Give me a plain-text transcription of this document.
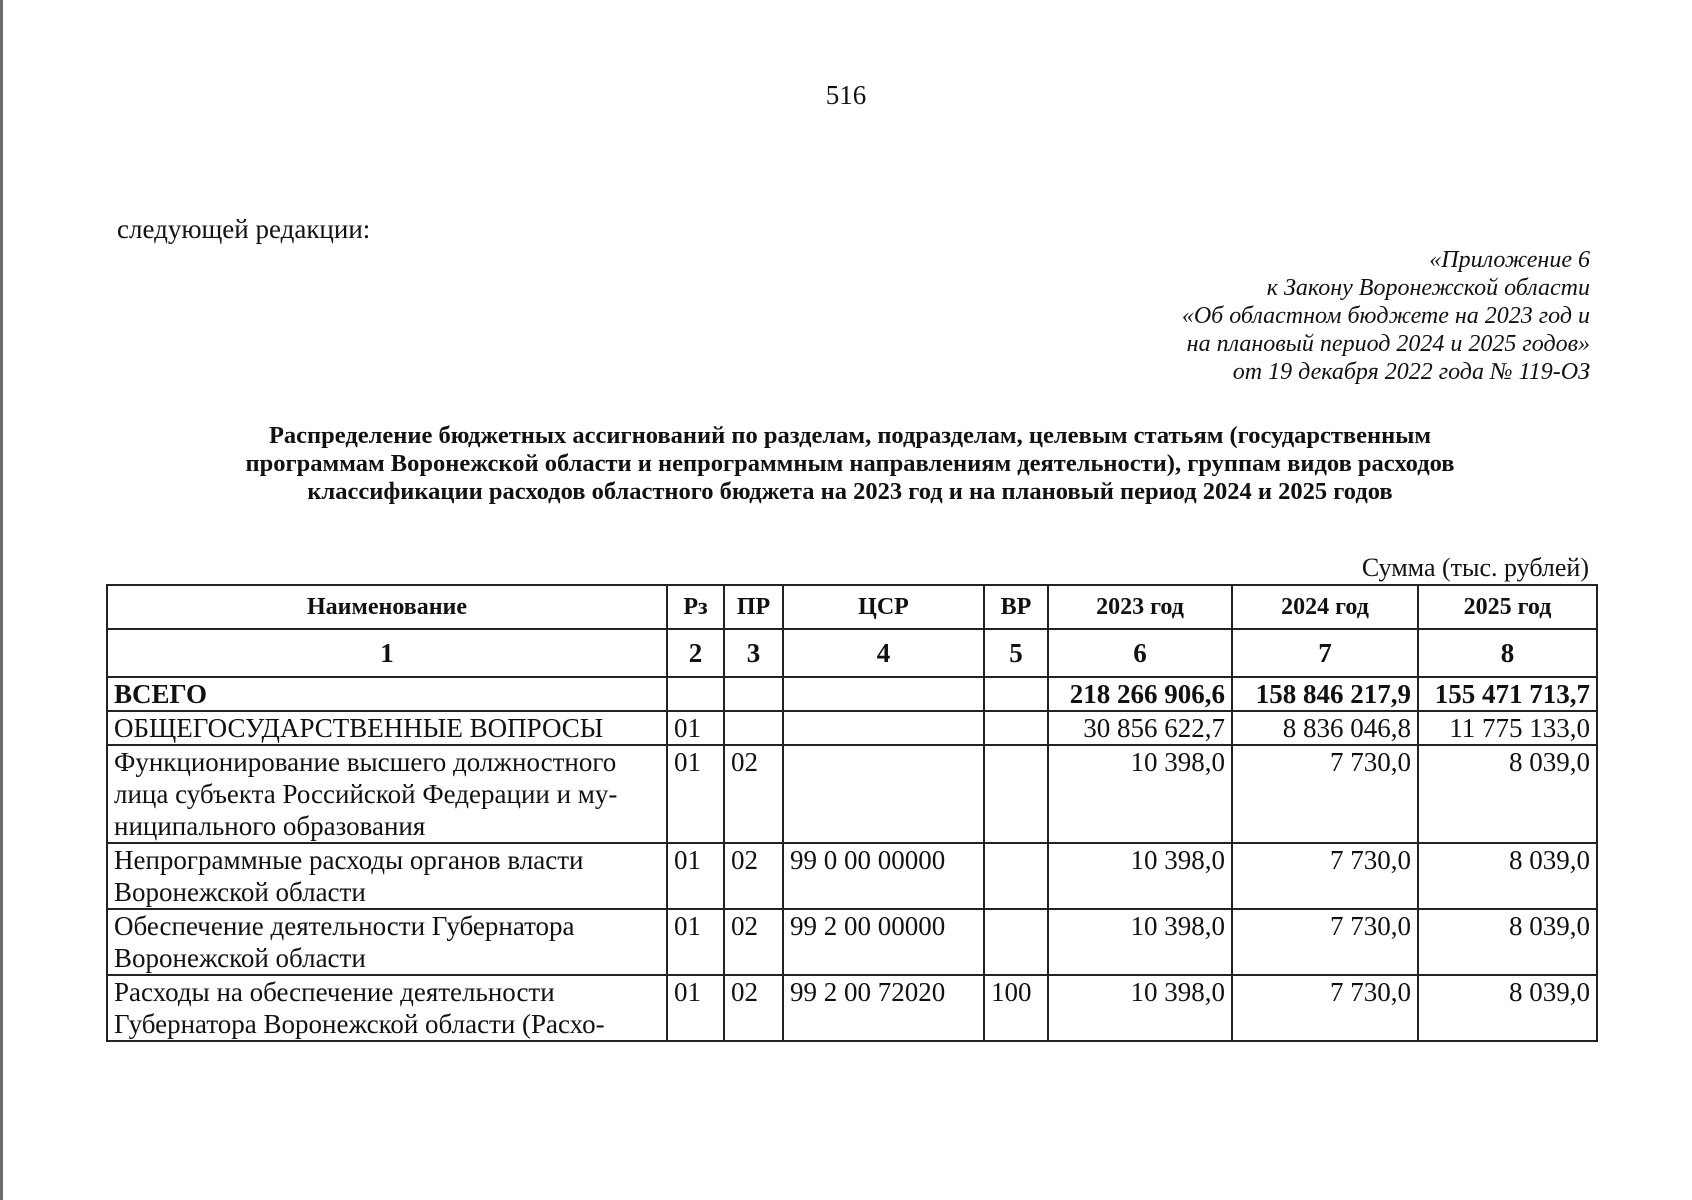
516
следующей редакции:
«Приложение 6
к Закону Воронежской области
«Об областном бюджете на 2023 год и
на плановый период 2024 и 2025 годов»
от 19 декабря 2022 года № 119-ОЗ
Распределение бюджетных ассигнований по разделам, подразделам, целевым статьям (государственным
программам Воронежской области и непрограммным направлениям деятельности), группам видов расходов
классификации расходов областного бюджета на 2023 год и на плановый период 2024 и 2025 годов
Сумма (тыс. рублей)
Наименование	Рз	ПР	ЦСР	ВР	2023 год	2024 год	2025 год
1	2	3	4	5	6	7	8
ВСЕГО					218 266 906,6	158 846 217,9	155 471 713,7
ОБЩЕГОСУДАРСТВЕННЫЕ ВОПРОСЫ	01				30 856 622,7	8 836 046,8	11 775 133,0
Функционирование высшего должностного лица субъекта Российской Федерации и му-ниципального образования	01	02			10 398,0	7 730,0	8 039,0
Непрограммные расходы органов власти Воронежской области	01	02	99 0 00 00000		10 398,0	7 730,0	8 039,0
Обеспечение деятельности Губернатора Воронежской области	01	02	99 2 00 00000		10 398,0	7 730,0	8 039,0

Расходы на обеспечение деятельности Губернатора Воронежской области (Расхо-	01	02	99 2 00 72020	100	10 398,0	7 730,0	8 039,0
